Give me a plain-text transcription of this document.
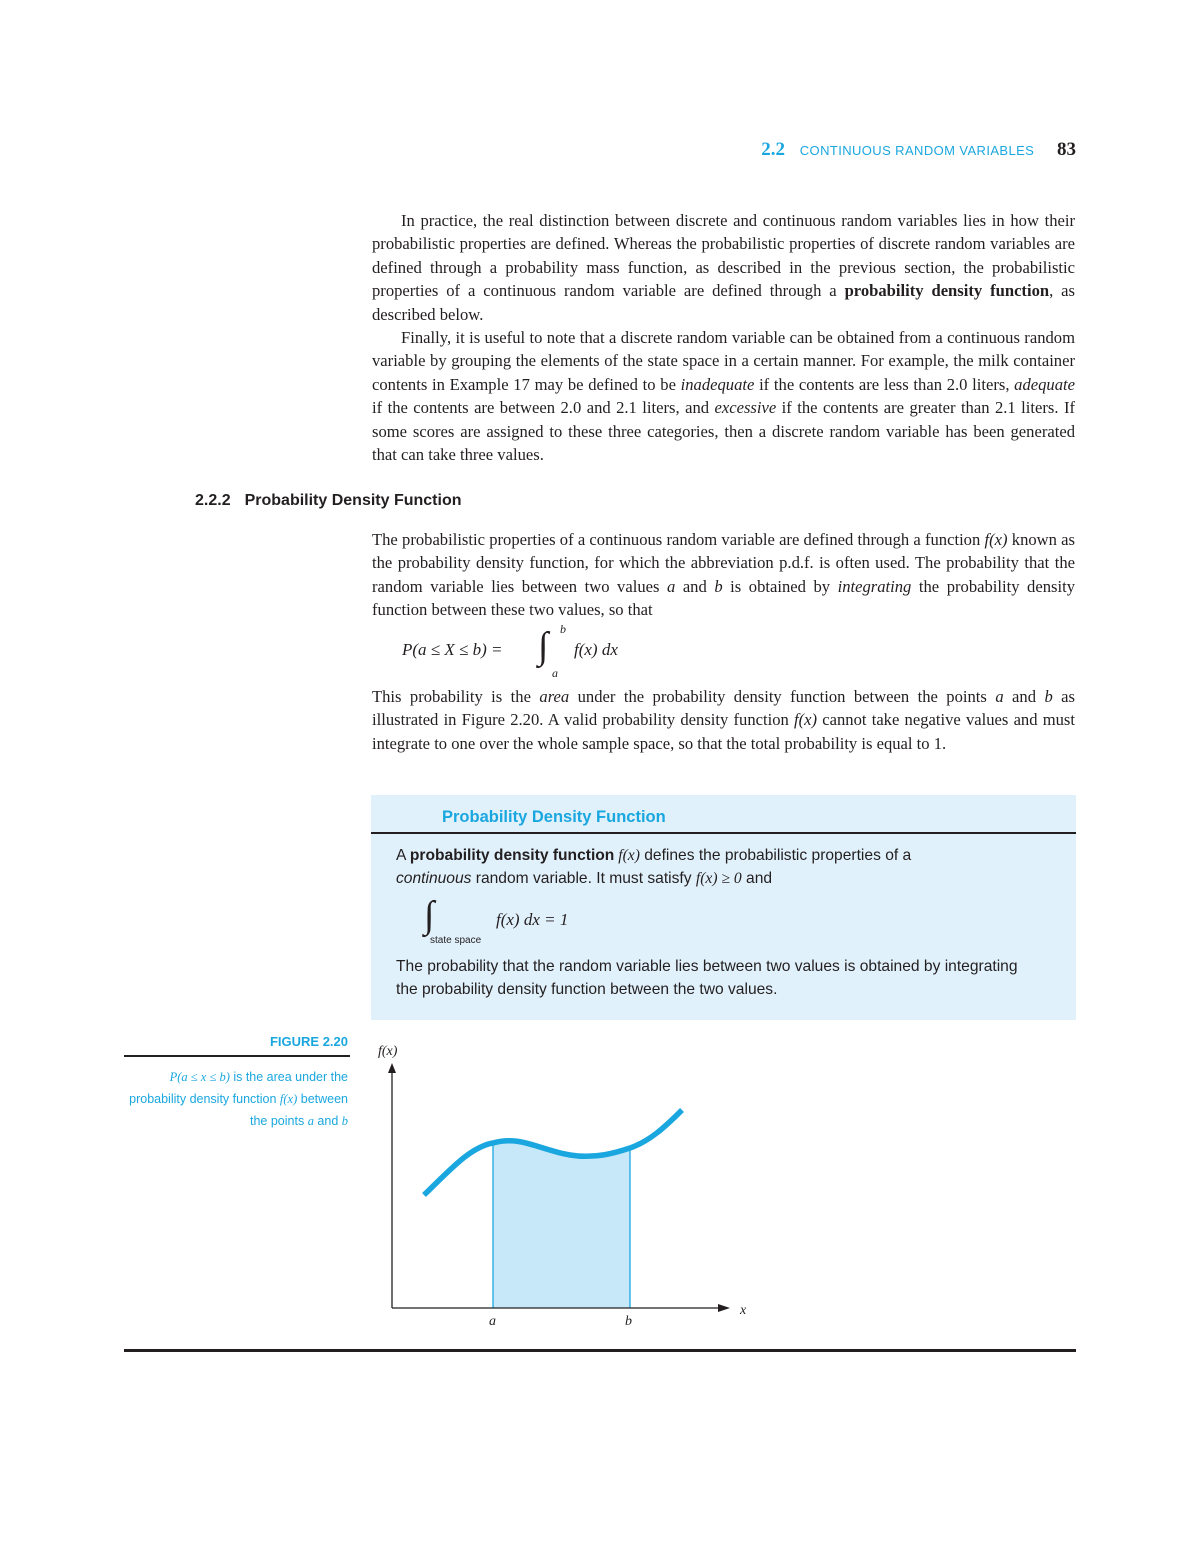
2.2 CONTINUOUS RANDOM VARIABLES 83

In practice, the real distinction between discrete and continuous random variables lies in how their probabilistic properties are defined. Whereas the probabilistic properties of discrete random variables are defined through a probability mass function, as described in the previous section, the probabilistic properties of a continuous random variable are defined through a probability density function, as described below.

Finally, it is useful to note that a discrete random variable can be obtained from a continuous random variable by grouping the elements of the state space in a certain manner. For example, the milk container contents in Example 17 may be defined to be inadequate if the contents are less than 2.0 liters, adequate if the contents are between 2.0 and 2.1 liters, and excessive if the contents are greater than 2.1 liters. If some scores are assigned to these three categories, then a discrete random variable has been generated that can take three values.

2.2.2 Probability Density Function

The probabilistic properties of a continuous random variable are defined through a function f(x) known as the probability density function, for which the abbreviation p.d.f. is often used. The probability that the random variable lies between two values a and b is obtained by integrating the probability density function between these two values, so that

P(a ≤ X ≤ b) = ∫ b
a
f(x) dx

This probability is the area under the probability density function between the points a and b as illustrated in Figure 2.20. A valid probability density function f(x) cannot take negative values and must integrate to one over the whole sample space, so that the total probability is equal to 1.

Probability Density Function

A probability density function f(x) defines the probabilistic properties of a

continuous random variable. It must satisfy f(x) ≥ 0 and

∫
state space
f(x) dx = 1

The probability that the random variable lies between two values is obtained by integrating the probability density function between the two values.

FIGURE 2.20
P(a ≤ x ≤ b) is the area under the probability density function f(x) between the points a and b
f(x)
x
a	b
